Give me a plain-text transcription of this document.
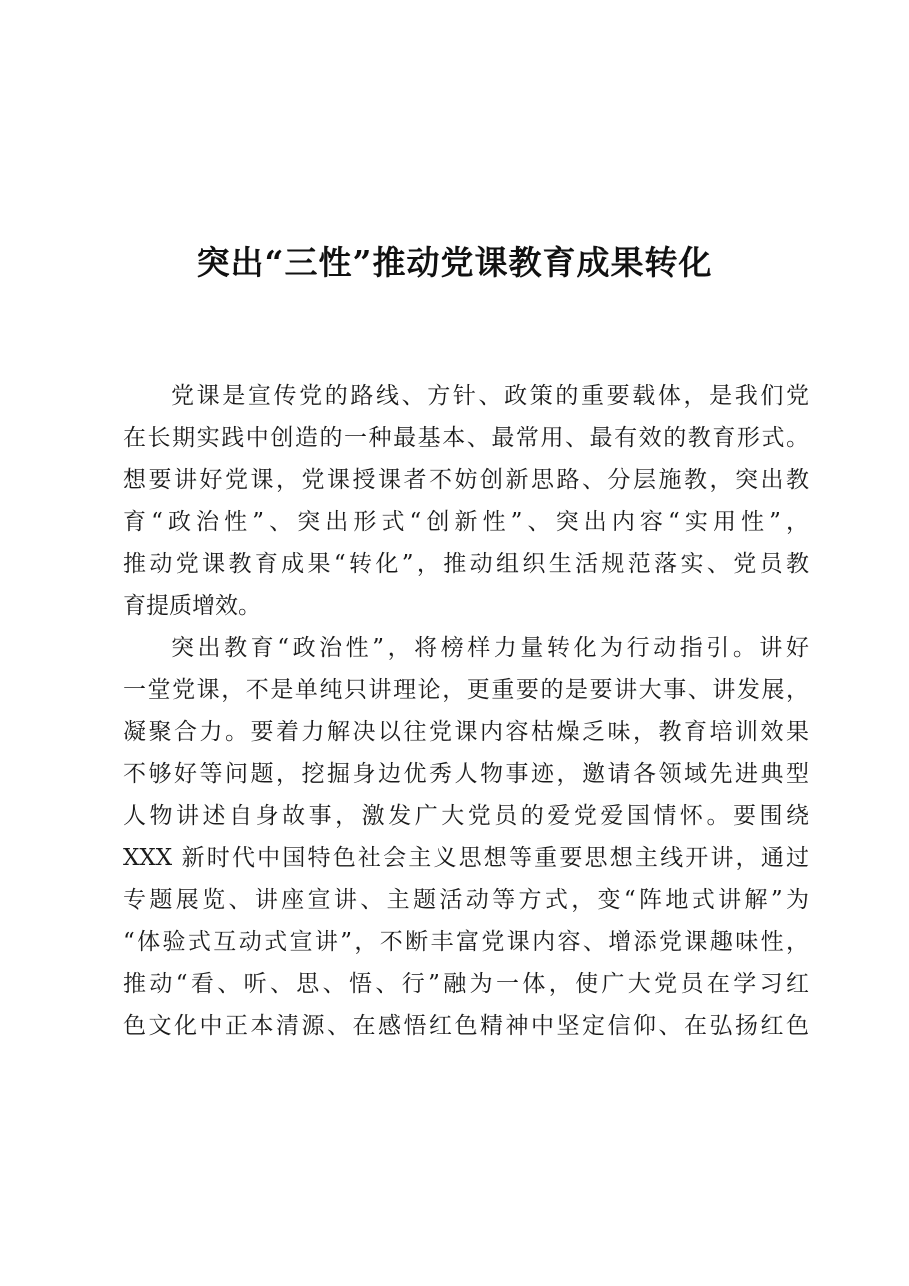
突出“三性”推动党课教育成果转化
党课是宣传党的路线、方针、政策的重要载体，是我们党
在长期实践中创造的一种最基本、最常用、最有效的教育形式。
想要讲好党课，党课授课者不妨创新思路、分层施教，突出教
育“政治性”、突出形式“创新性”、突出内容“实用性”，
推动党课教育成果“转化”，推动组织生活规范落实、党员教
育提质增效。
突出教育“政治性”，将榜样力量转化为行动指引。讲好
一堂党课，不是单纯只讲理论，更重要的是要讲大事、讲发展，
凝聚合力。要着力解决以往党课内容枯燥乏味，教育培训效果
不够好等问题，挖掘身边优秀人物事迹，邀请各领域先进典型
人物讲述自身故事，激发广大党员的爱党爱国情怀。要围绕
XXX 新时代中国特色社会主义思想等重要思想主线开讲，通过
专题展览、讲座宣讲、主题活动等方式，变“阵地式讲解”为
“体验式互动式宣讲”，不断丰富党课内容、增添党课趣味性，
推动“看、听、思、悟、行”融为一体，使广大党员在学习红
色文化中正本清源、在感悟红色精神中坚定信仰、在弘扬红色
